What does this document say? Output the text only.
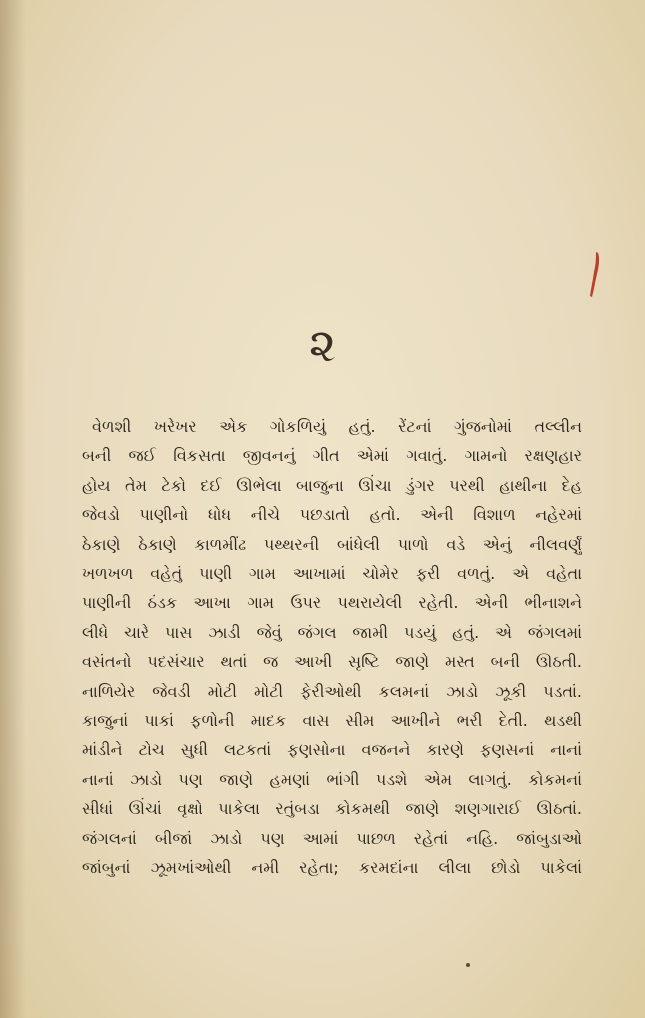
૨
વેળશી ખરેખર એક ગોકળિયું હતું. રેંટનાં ગુંજનોમાં તલ્લીન
બની જઈ વિકસતા જીવનનું ગીત એમાં ગવાતું. ગામનો રક્ષણહાર
હોય તેમ ટેકો દઈ ઊભેલા બાજુના ઊંચા ડુંગર પરથી હાથીના દેહ
જેવડો પાણીનો ધોધ નીચે પછડાતો હતો. એની વિશાળ નહેરમાં
ઠેકાણે ઠેકાણે કાળમીંઢ પથ્થરની બાંધેલી પાળો વડે એનું નીલવર્ણું
ખળખળ વહેતું પાણી ગામ આખામાં ચોમેર ફરી વળતું. એ વહેતા
પાણીની ઠંડક આખા ગામ ઉપર પથરાયેલી રહેતી. એની ભીનાશને
લીધે ચારે પાસ ઝાડી જેવું જંગલ જામી પડયું હતું. એ જંગલમાં
વસંતનો પદસંચાર થતાં જ આખી સૃષ્ટિ જાણે મસ્ત બની ઊઠતી.
નાળિયેર જેવડી મોટી મોટી ફેરીઓથી કલમનાં ઝાડો ઝૂકી પડતાં.
કાજુનાં પાકાં ફળોની માદક વાસ સીમ આખીને ભરી દેતી. થડથી
માંડીને ટોચ સુધી લટકતાં ફણસોના વજનને કારણે ફણસનાં નાનાં
નાનાં ઝાડો પણ જાણે હમણાં ભાંગી પડશે એમ લાગતું. કોકમનાં
સીધાં ઊંચાં વૃક્ષો પાકેલા રતુંબડા કોકમથી જાણે શણગારાઈ ઊઠતાં.
જંગલનાં બીજાં ઝાડો પણ આમાં પાછળ રહેતાં નહિ. જાંબુડાઓ
જાંબુનાં ઝૂમખાંઓથી નમી રહેતા; કરમદાંના લીલા છોડો પાકેલાં
